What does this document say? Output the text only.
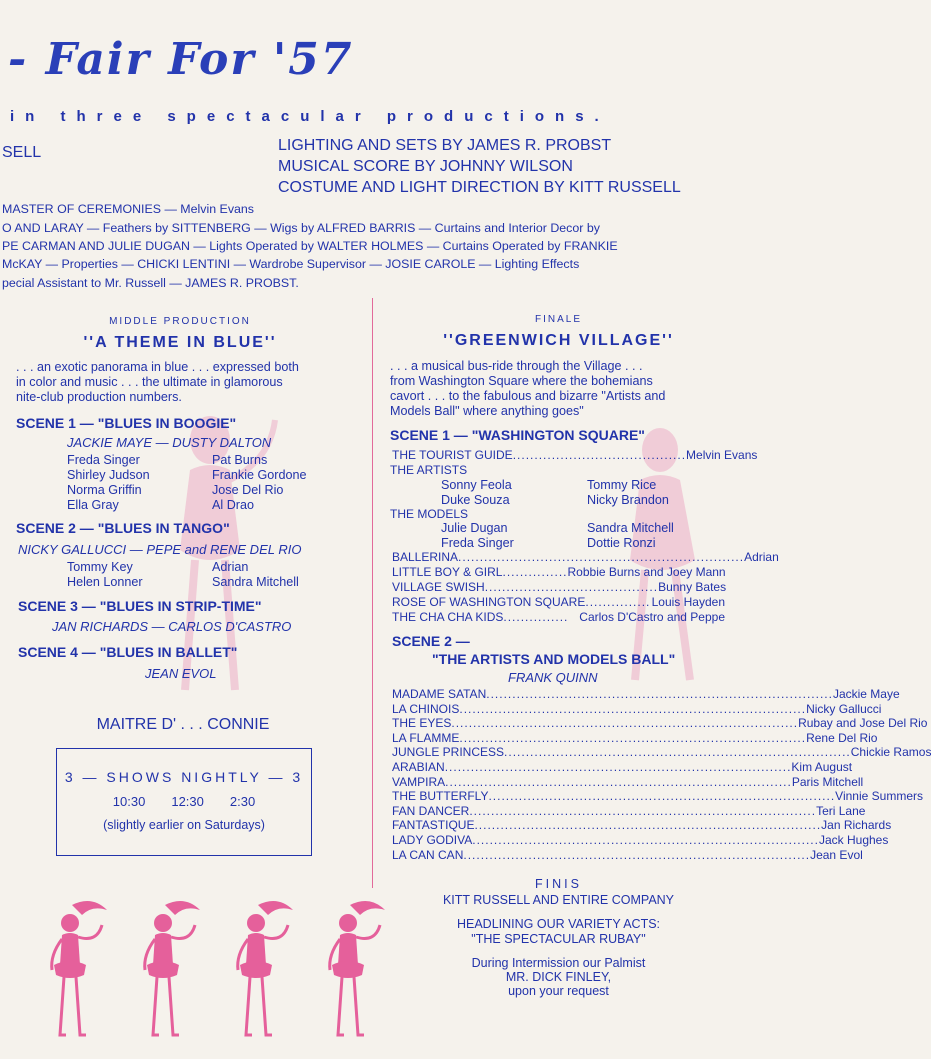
- Fair For '57
in three spectacular productions.
SELL	LIGHTING AND SETS BY JAMES R. PROBST
MUSICAL SCORE BY JOHNNY WILSON
COSTUME AND LIGHT DIRECTION BY KITT RUSSELL
MASTER OF CEREMONIES — Melvin Evans
O AND LARAY — Feathers by SITTENBERG — Wigs by ALFRED BARRIS — Curtains and Interior Decor by
PE CARMAN AND JULIE DUGAN — Lights Operated by WALTER HOLMES — Curtains Operated by FRANKIE
McKAY — Properties — CHICKI LENTINI — Wardrobe Supervisor — JOSIE CAROLE — Lighting Effects
pecial Assistant to Mr. Russell — JAMES R. PROBST.
MIDDLE PRODUCTION
''A THEME IN BLUE''
. . . an exotic panorama in blue . . . expressed both
in color and music . . . the ultimate in glamorous
nite-club production numbers.
SCENE 1 — "BLUES IN BOOGIE"
JACKIE MAYE — DUSTY DALTON
Freda Singer
Shirley Judson
Norma Griffin
Ella Gray
Pat Burns
Frankie Gordone
Jose Del Rio
Al Drao
SCENE 2 — "BLUES IN TANGO"
NICKY GALLUCCI — PEPE and RENE DEL RIO
Tommy Key
Helen Lonner
Adrian
Sandra Mitchell
SCENE 3 — "BLUES IN STRIP-TIME"
JAN RICHARDS — CARLOS D'CASTRO
SCENE 4 — "BLUES IN BALLET"
JEAN EVOL
MAITRE D' . . . CONNIE
3 — SHOWS NIGHTLY — 3
10:30 12:30 2:30
(slightly earlier on Saturdays)
FINALE
''GREENWICH VILLAGE''
. . . a musical bus-ride through the Village . . .
from Washington Square where the bohemians
cavort . . . to the fabulous and bizarre "Artists and
Models Ball" where anything goes"
SCENE 1 — "WASHINGTON SQUARE"
THE TOURIST GUIDE ........................................ Melvin Evans
THE ARTISTS
Sonny Feola
Duke Souza
Tommy Rice
Nicky Brandon
THE MODELS
Julie Dugan
Freda Singer
Sandra Mitchell
Dottie Ronzi
BALLERINA .................................................................. Adrian
LITTLE BOY & GIRL ............... Robbie Burns and Joey Mann
VILLAGE SWISH ........................................ Bunny Bates
ROSE OF WASHINGTON SQUARE ............... Louis Hayden
THE CHA CHA KIDS ............... Carlos D'Castro and Peppe
SCENE 2 —
"THE ARTISTS AND MODELS BALL"
FRANK QUINN
MADAME SATAN ................................................................................ Jackie Maye
LA CHINOIS ................................................................................ Nicky Gallucci
THE EYES ................................................................................ Rubay and Jose Del Rio
LA FLAMME ................................................................................ Rene Del Rio
JUNGLE PRINCESS ................................................................................ Chickie Ramos
ARABIAN ................................................................................ Kim August
VAMPIRA ................................................................................ Paris Mitchell
THE BUTTERFLY ................................................................................ Vinnie Summers
FAN DANCER ................................................................................ Teri Lane
FANTASTIQUE ................................................................................ Jan Richards
LADY GODIVA ................................................................................ Jack Hughes
LA CAN CAN ................................................................................ Jean Evol
FINIS
KITT RUSSELL AND ENTIRE COMPANY
HEADLINING OUR VARIETY ACTS:
"THE SPECTACULAR RUBAY"
During Intermission our Palmist
MR. DICK FINLEY,
upon your request
